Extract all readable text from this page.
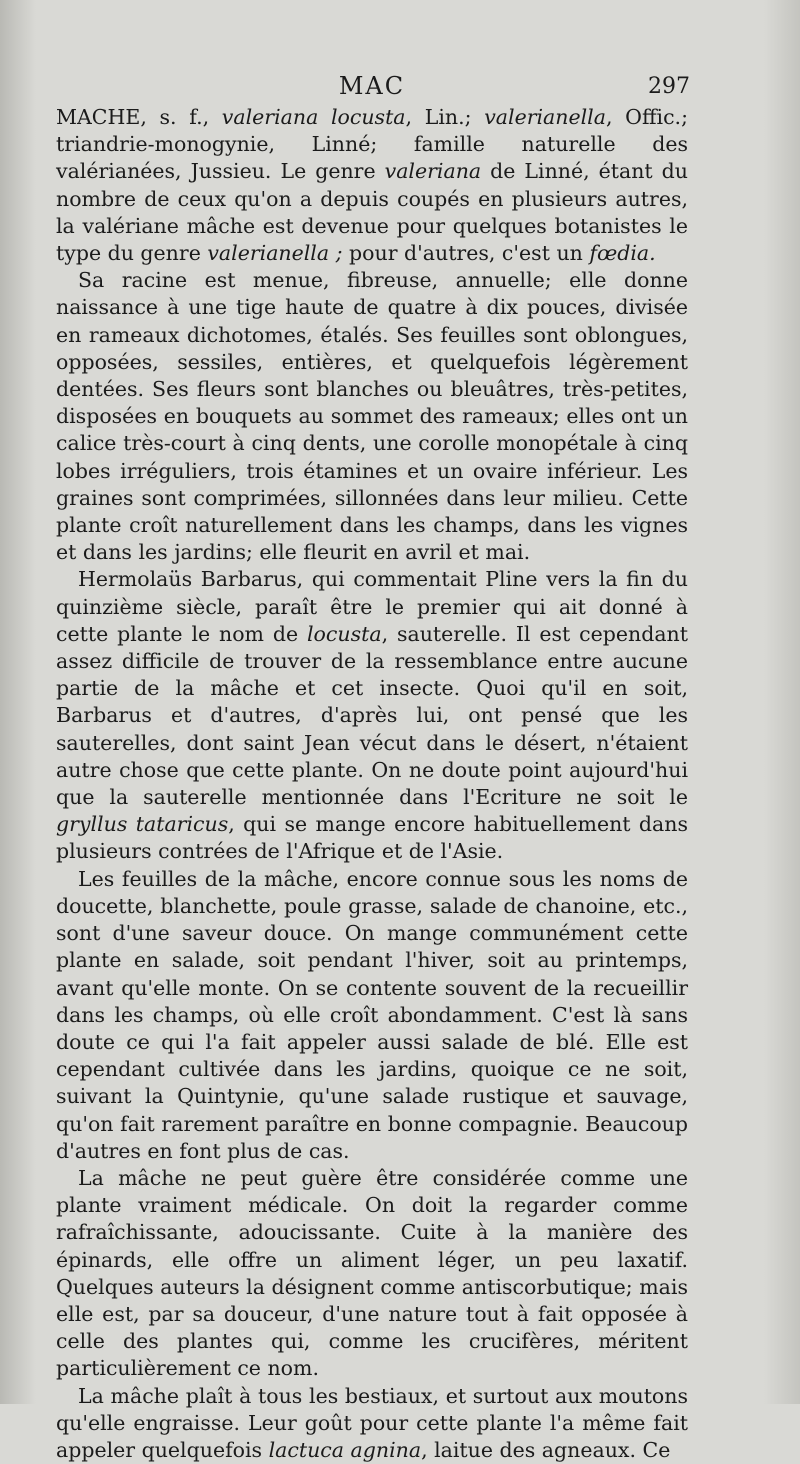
MAC	297

MACHE, s. f., valeriana locusta, Lin.; valerianella, Offic.; triandrie-monogynie, Linné; famille naturelle des valérianées, Jussieu. Le genre valeriana de Linné, étant du nombre de ceux qu'on a depuis coupés en plusieurs autres, la valériane mâche est devenue pour quelques botanistes le type du genre valerianella ; pour d'autres, c'est un fœdia.

Sa racine est menue, fibreuse, annuelle; elle donne naissance à une tige haute de quatre à dix pouces, divisée en rameaux dichotomes, étalés. Ses feuilles sont oblongues, opposées, sessiles, entières, et quelquefois légèrement dentées. Ses fleurs sont blanches ou bleuâtres, très-petites, disposées en bouquets au sommet des rameaux; elles ont un calice très-court à cinq dents, une corolle monopétale à cinq lobes irréguliers, trois étamines et un ovaire inférieur. Les graines sont comprimées, sillonnées dans leur milieu. Cette plante croît naturellement dans les champs, dans les vignes et dans les jardins; elle fleurit en avril et mai.

Hermolaüs Barbarus, qui commentait Pline vers la fin du quinzième siècle, paraît être le premier qui ait donné à cette plante le nom de locusta, sauterelle. Il est cependant assez difficile de trouver de la ressemblance entre aucune partie de la mâche et cet insecte. Quoi qu'il en soit, Barbarus et d'autres, d'après lui, ont pensé que les sauterelles, dont saint Jean vécut dans le désert, n'étaient autre chose que cette plante. On ne doute point aujourd'hui que la sauterelle mentionnée dans l'Ecriture ne soit le gryllus tataricus, qui se mange encore habituellement dans plusieurs contrées de l'Afrique et de l'Asie.

Les feuilles de la mâche, encore connue sous les noms de doucette, blanchette, poule grasse, salade de chanoine, etc., sont d'une saveur douce. On mange communément cette plante en salade, soit pendant l'hiver, soit au printemps, avant qu'elle monte. On se contente souvent de la recueillir dans les champs, où elle croît abondamment. C'est là sans doute ce qui l'a fait appeler aussi salade de blé. Elle est cependant cultivée dans les jardins, quoique ce ne soit, suivant la Quintynie, qu'une salade rustique et sauvage, qu'on fait rarement paraître en bonne compagnie. Beaucoup d'autres en font plus de cas.

La mâche ne peut guère être considérée comme une plante vraiment médicale. On doit la regarder comme rafraîchissante, adoucissante. Cuite à la manière des épinards, elle offre un aliment léger, un peu laxatif. Quelques auteurs la désignent comme antiscorbutique; mais elle est, par sa douceur, d'une nature tout à fait opposée à celle des plantes qui, comme les crucifères, méritent particulièrement ce nom.

La mâche plaît à tous les bestiaux, et surtout aux moutons qu'elle engraisse. Leur goût pour cette plante l'a même fait appeler quelquefois lactuca agnina, laitue des agneaux. Ce
